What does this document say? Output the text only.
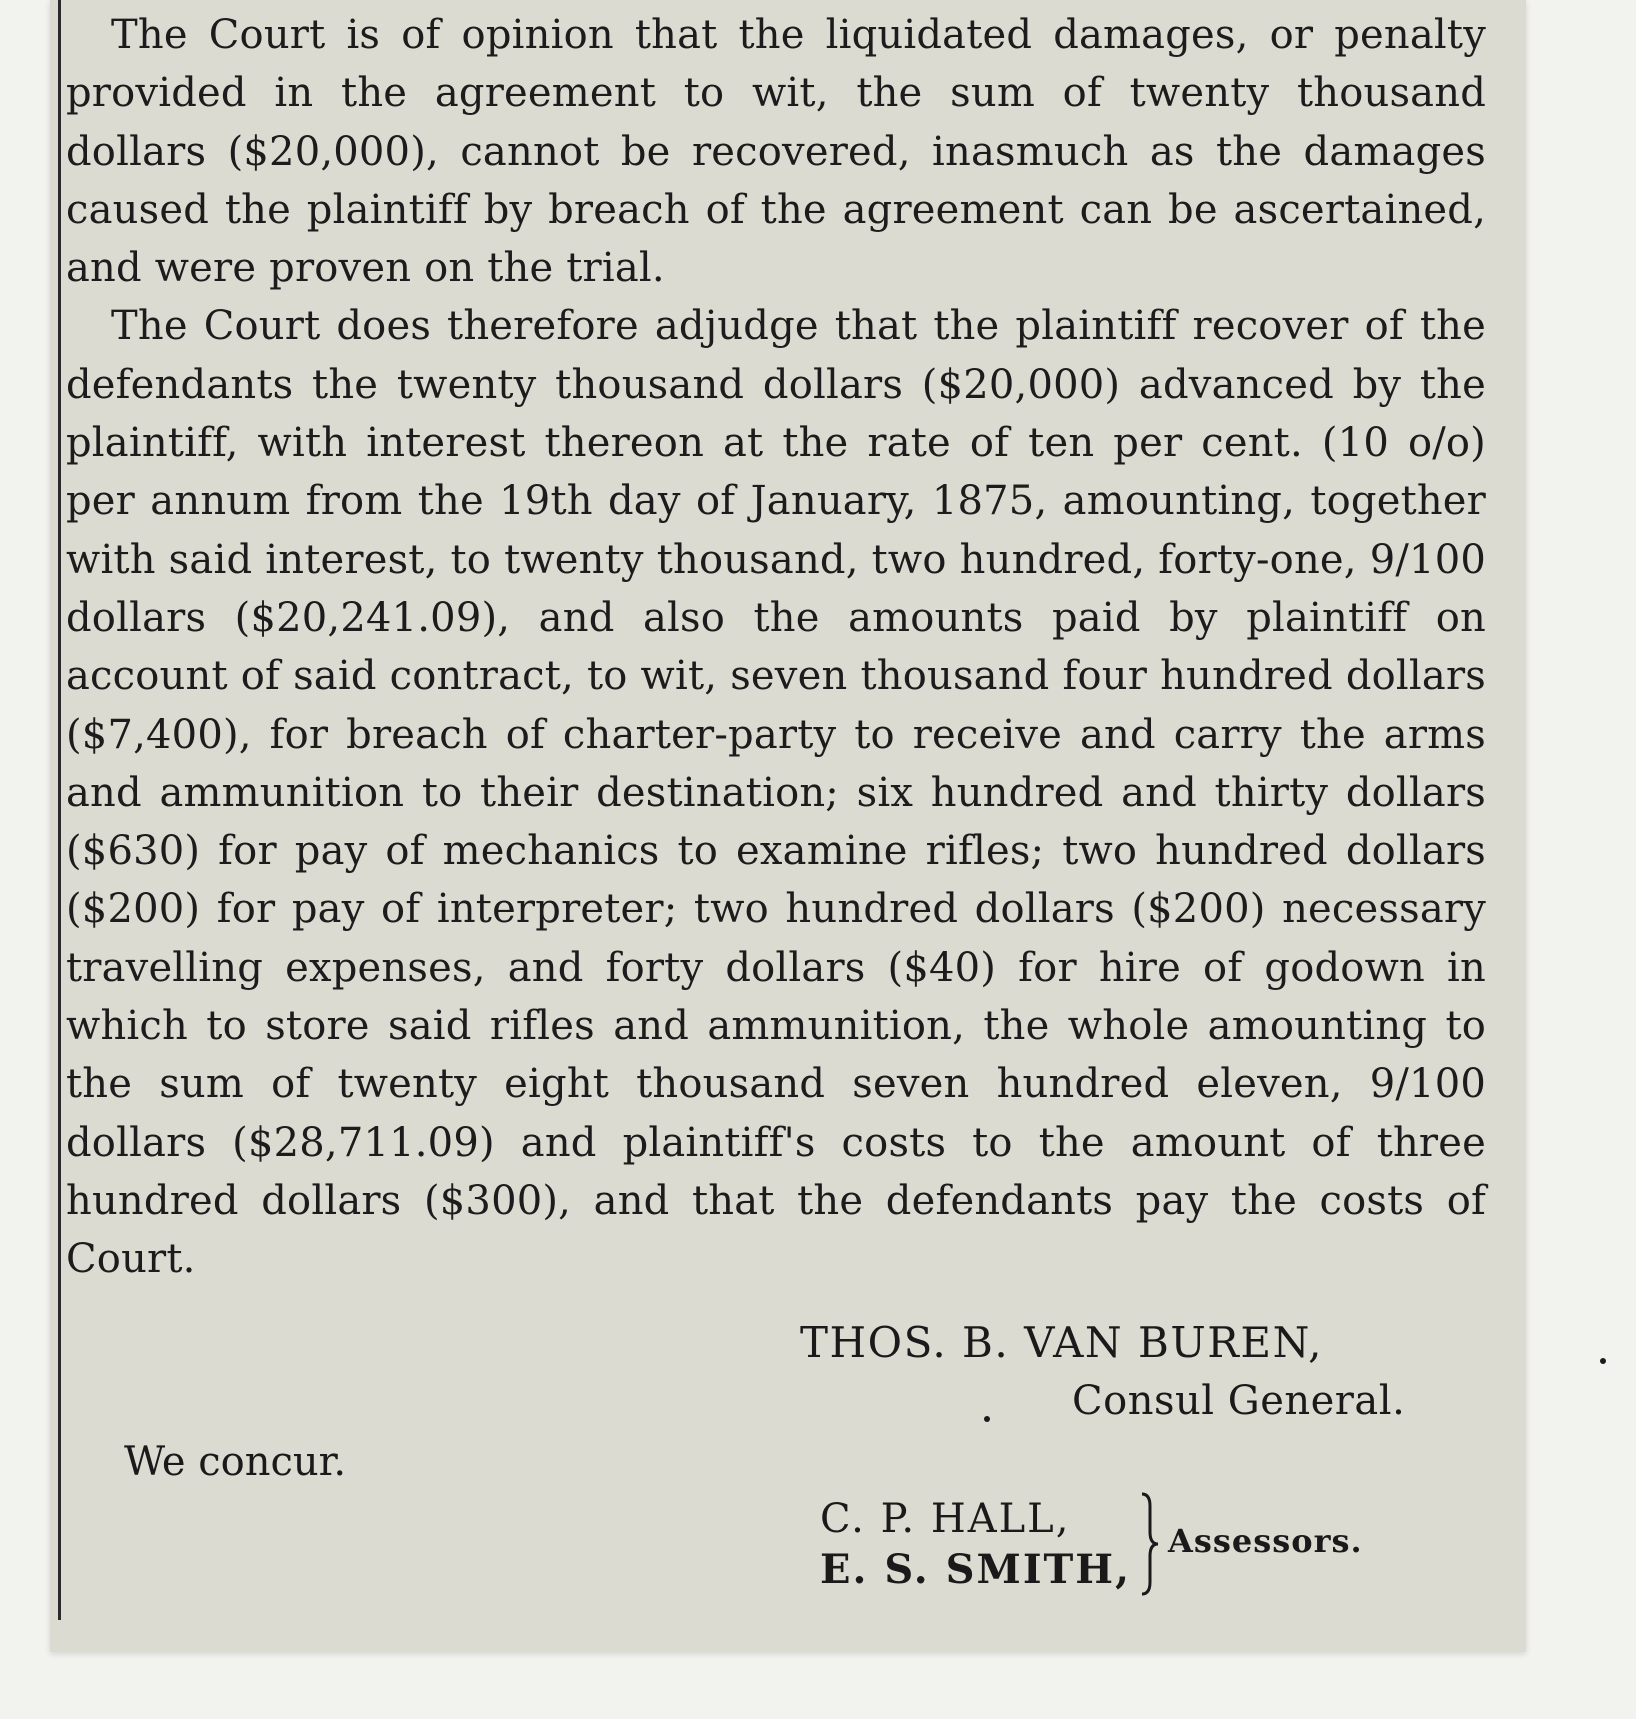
The Court is of opinion that the liquidated damages, or penalty provided in the agreement to wit, the sum of twenty thousand dollars ($20,000), cannot be recovered, inasmuch as the damages caused the plaintiff by breach of the agreement can be ascertained, and were proven on the trial.

The Court does therefore adjudge that the plaintiff recover of the defendants the twenty thousand dollars ($20,000) advanced by the plaintiff, with interest thereon at the rate of ten per cent. (10 o/o) per annum from the 19th day of January, 1875, amounting, together with said interest, to twenty thousand, two hundred, forty-one, 9/100 dollars ($20,241.09), and also the amounts paid by plaintiff on account of said contract, to wit, seven thousand four hundred dollars ($7,400), for breach of charter-party to receive and carry the arms and ammunition to their destination; six hundred and thirty dollars ($630) for pay of mechanics to examine rifles; two hundred dollars ($200) for pay of interpreter; two hundred dollars ($200) necessary travelling expenses, and forty dollars ($40) for hire of godown in which to store said rifles and ammunition, the whole amounting to the sum of twenty eight thousand seven hundred eleven, 9/100 dollars ($28,711.09) and plaintiff's costs to the amount of three hundred dollars ($300), and that the defendants pay the costs of Court.

THOS. B. VAN BUREN,
Consul General.
We concur.
C. P. HALL,
E. S. SMITH,
Assessors.
